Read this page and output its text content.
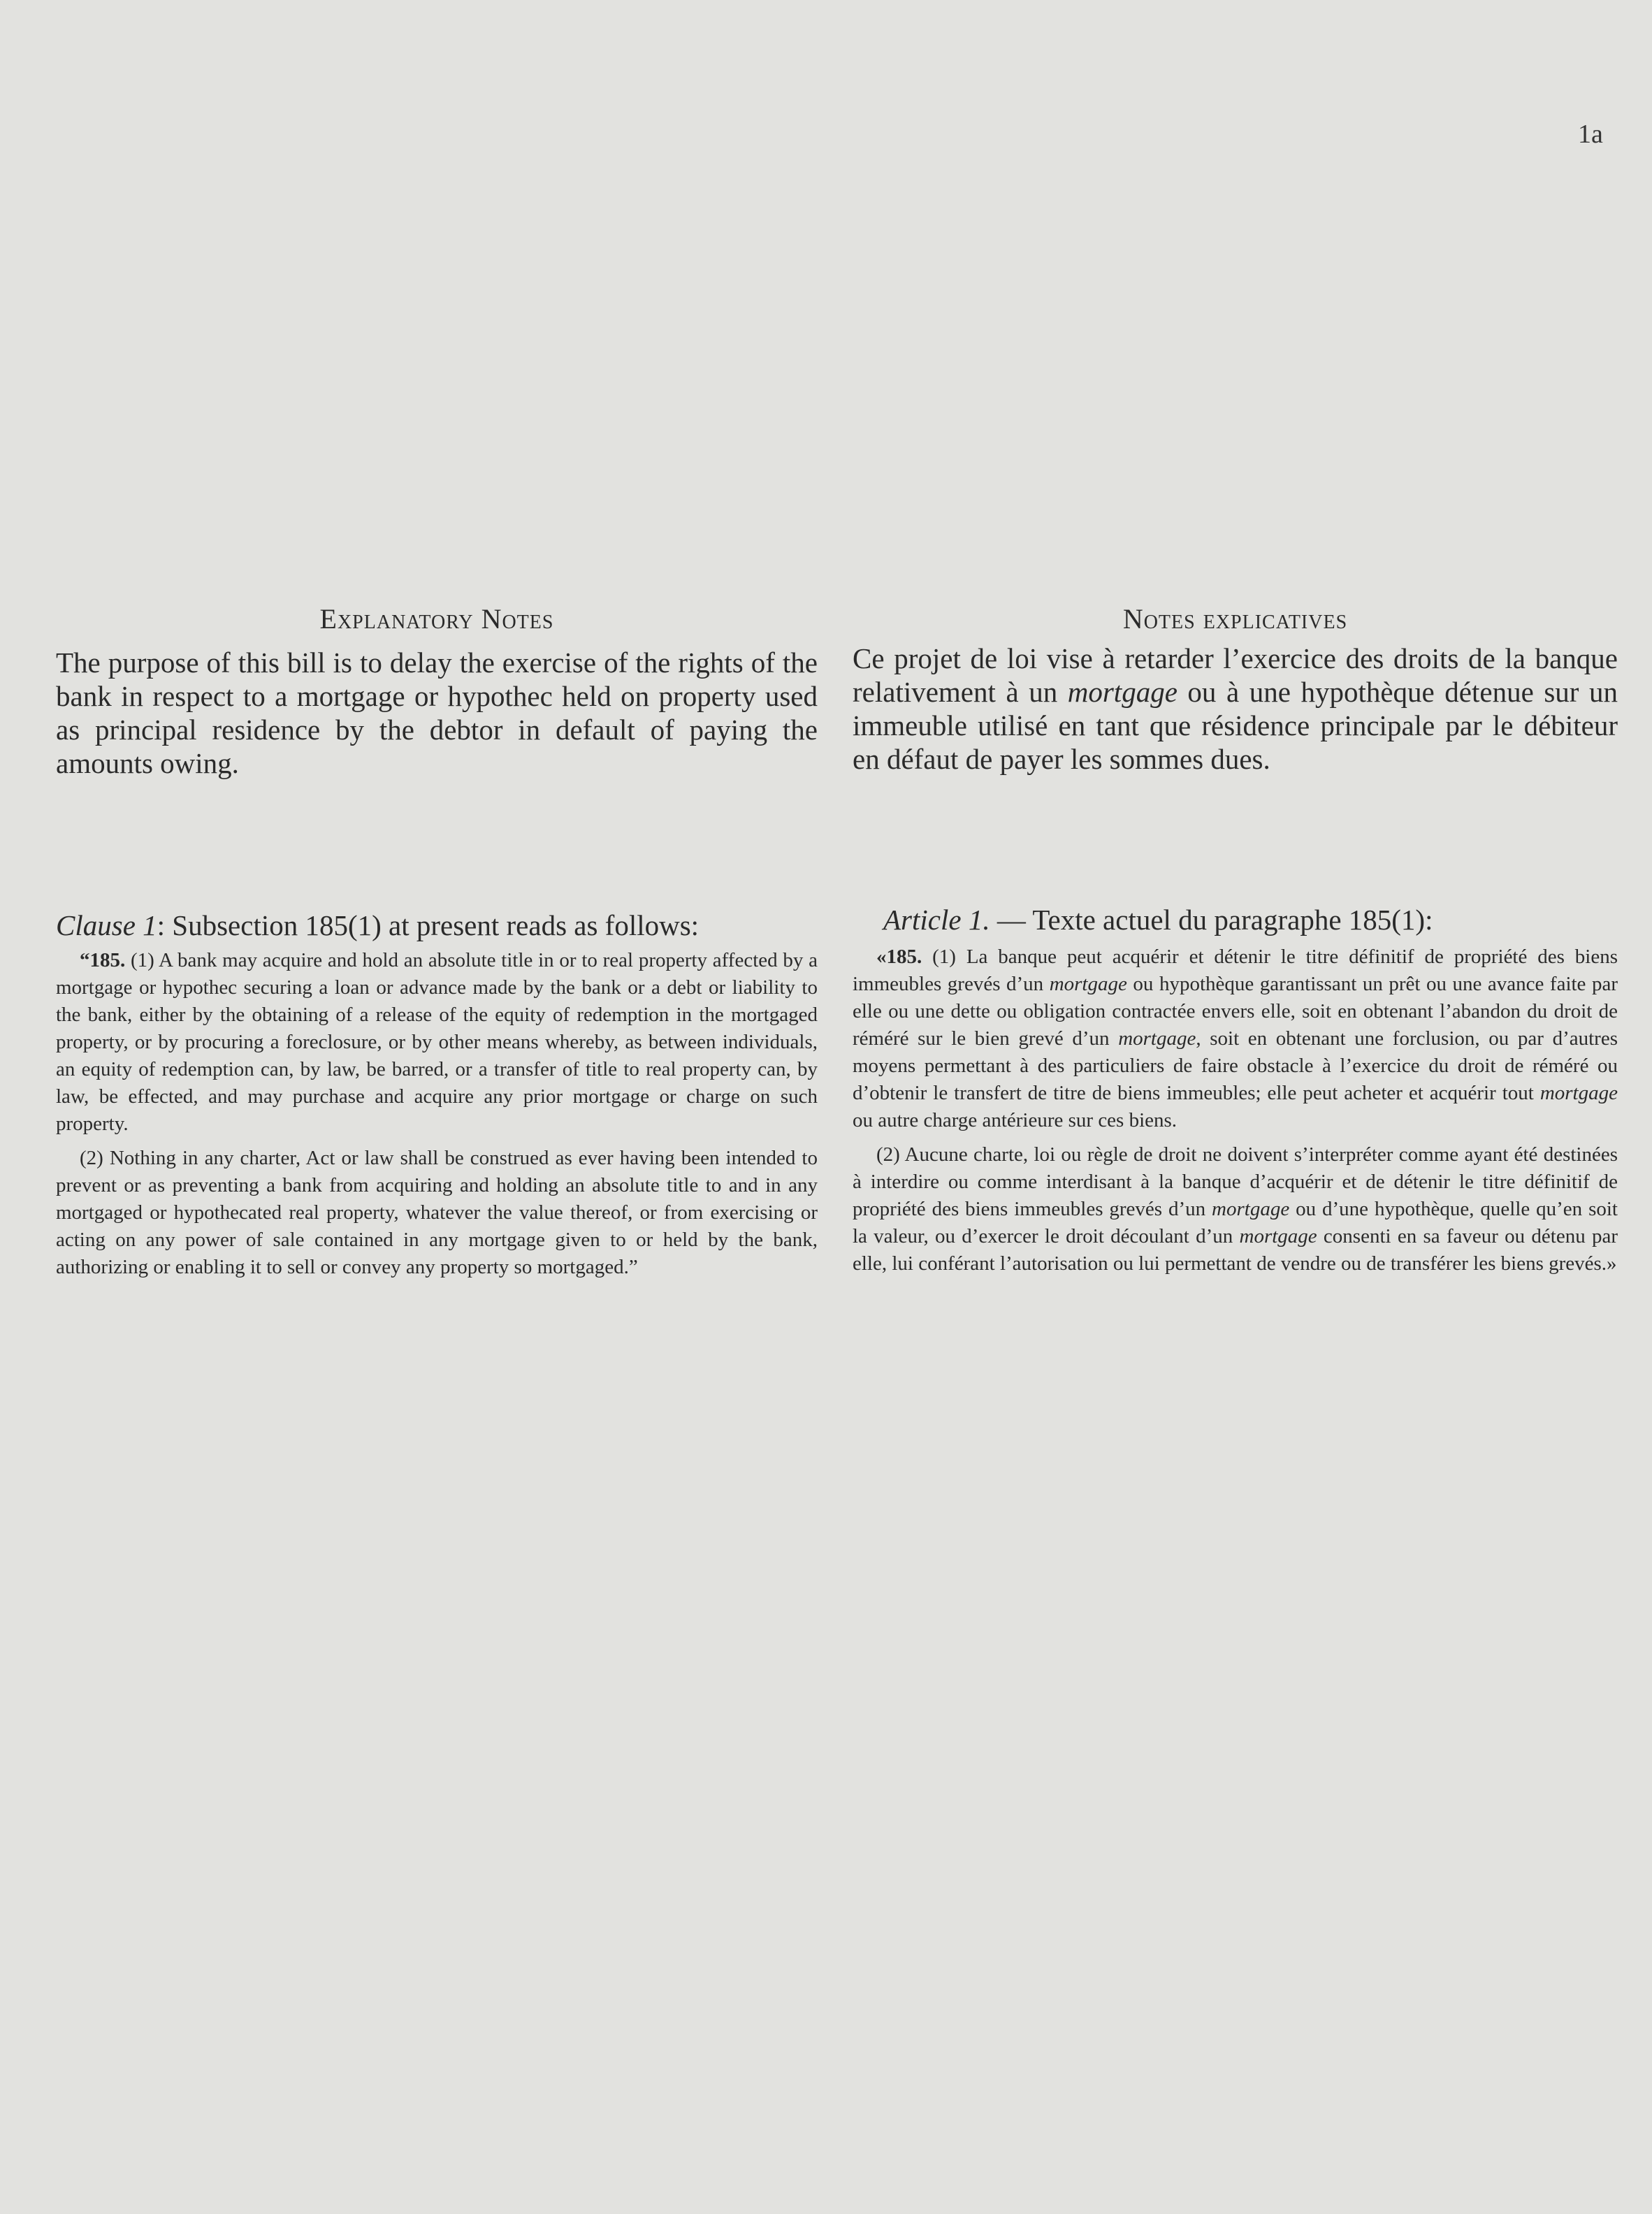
1a
Explanatory Notes

The purpose of this bill is to delay the exercise of the rights of the bank in respect to a mortgage or hypothec held on property used as principal residence by the debtor in default of paying the amounts owing.

Clause 1: Subsection 185(1) at present reads as follows:

“185. (1) A bank may acquire and hold an absolute title in or to real property affected by a mortgage or hypothec securing a loan or advance made by the bank or a debt or liability to the bank, either by the obtaining of a release of the equity of redemption in the mortgaged property, or by procuring a foreclosure, or by other means whereby, as between individuals, an equity of redemption can, by law, be barred, or a transfer of title to real property can, by law, be effected, and may purchase and acquire any prior mortgage or charge on such property.

(2) Nothing in any charter, Act or law shall be construed as ever having been intended to prevent or as preventing a bank from acquiring and holding an absolute title to and in any mortgaged or hypothecated real property, whatever the value thereof, or from exercising or acting on any power of sale contained in any mortgage given to or held by the bank, authorizing or enabling it to sell or convey any property so mortgaged.”

Notes explicatives

Ce projet de loi vise à retarder l’exercice des droits de la banque relativement à un mortgage ou à une hypothèque détenue sur un immeuble utilisé en tant que résidence principale par le débiteur en défaut de payer les sommes dues.

Article 1. — Texte actuel du paragraphe 185(1):

«185. (1) La banque peut acquérir et détenir le titre définitif de propriété des biens immeubles grevés d’un mortgage ou hypothèque garantissant un prêt ou une avance faite par elle ou une dette ou obligation contractée envers elle, soit en obtenant l’abandon du droit de réméré sur le bien grevé d’un mortgage, soit en obtenant une forclusion, ou par d’autres moyens permettant à des particuliers de faire obstacle à l’exercice du droit de réméré ou d’obtenir le transfert de titre de biens immeubles; elle peut acheter et acquérir tout mortgage ou autre charge antérieure sur ces biens.

(2) Aucune charte, loi ou règle de droit ne doivent s’interpréter comme ayant été destinées à interdire ou comme interdisant à la banque d’acquérir et de détenir le titre définitif de propriété des biens immeubles grevés d’un mortgage ou d’une hypothèque, quelle qu’en soit la valeur, ou d’exercer le droit découlant d’un mortgage consenti en sa faveur ou détenu par elle, lui conférant l’autorisation ou lui permettant de vendre ou de transférer les biens grevés.»
